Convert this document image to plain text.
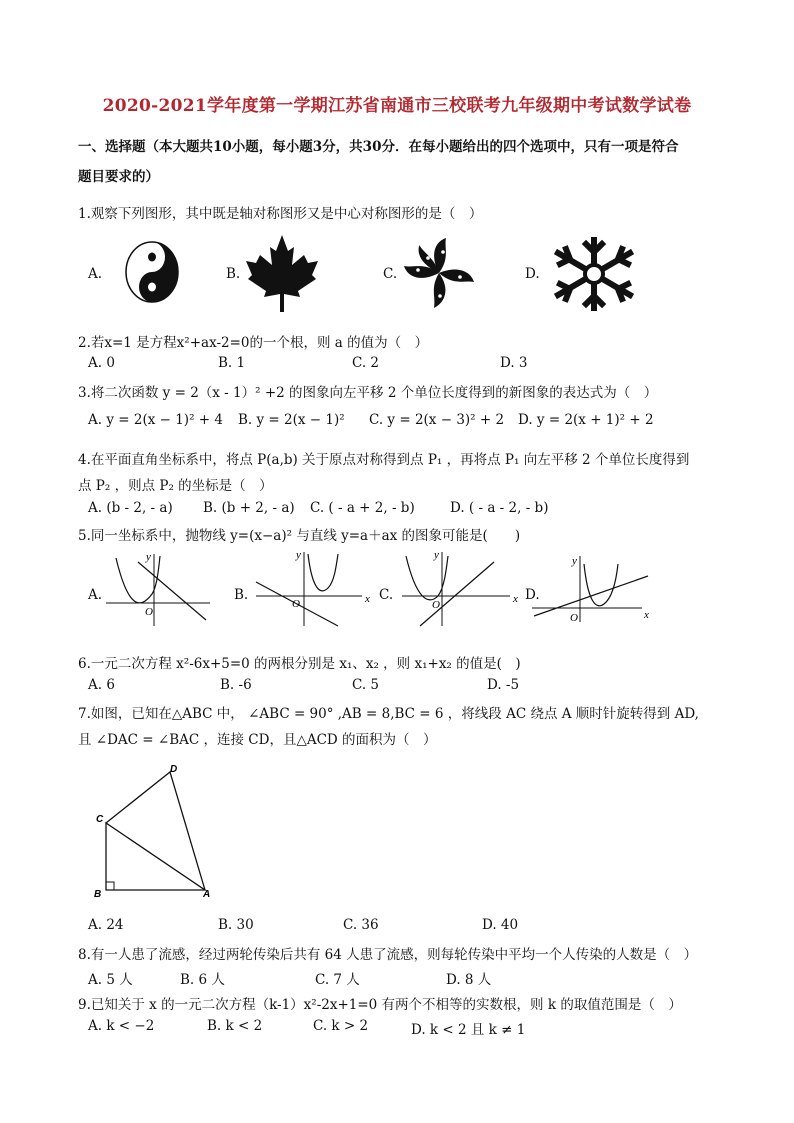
2020-2021学年度第一学期江苏省南通市三校联考九年级期中考试数学试卷
一、选择题（本大题共10小题，每小题3分，共30分．在每小题给出的四个选项中，只有一项是符合
题目要求的）
1.观察下列图形，其中既是轴对称图形又是中心对称图形的是（　）
A.	B.	C.	D.
2.若x=1 是方程x²+ax-2=0的一个根，则 a 的值为（　）
A. 0	B. 1	C. 2	D. 3
3.将二次函数 y = 2（x - 1）² +2 的图象向左平移 2 个单位长度得到的新图象的表达式为（　）
A. y = 2(x − 1)² + 4 B. y = 2(x − 1)² C. y = 2(x − 3)² + 2 D. y = 2(x + 1)² + 2
4.在平面直角坐标系中，将点 P(a,b) 关于原点对称得到点 P₁ ，再将点 P₁ 向左平移 2 个单位长度得到
点 P₂ ，则点 P₂ 的坐标是（　）
A. (b - 2, - a) B. (b + 2, - a) C. ( - a + 2, - b)	D. ( - a - 2, - b)
5.同一坐标系中，抛物线 y=(x−a)² 与直线 y=a＋ax 的图象可能是(　　)
A.
y
O
B.
y
O	x C.
y
O	x D.
y
O	x
6.一元二次方程 x²-6x+5=0 的两根分别是 x₁、x₂ ，则 x₁+x₂ 的值是(　)
A. 6	B. -6	C. 5	D. -5
7.如图，已知在△ABC 中， ∠ABC = 90° ,AB = 8,BC = 6 ，将线段 AC 绕点 A 顺时针旋转得到 AD,
且 ∠DAC = ∠BAC ，连接 CD，且△ACD 的面积为（　）
D
C
B	A
A. 24	B. 30	C. 36	D. 40
8.有一人患了流感，经过两轮传染后共有 64 人患了流感，则每轮传染中平均一个人传染的人数是（　）
A. 5 人	B. 6 人	C. 7 人	D. 8 人
9.已知关于 x 的一元二次方程（k-1）x²-2x+1=0 有两个不相等的实数根，则 k 的取值范围是（　）
A. k < −2	B. k < 2	C. k > 2	D. k < 2 且 k ≠ 1
